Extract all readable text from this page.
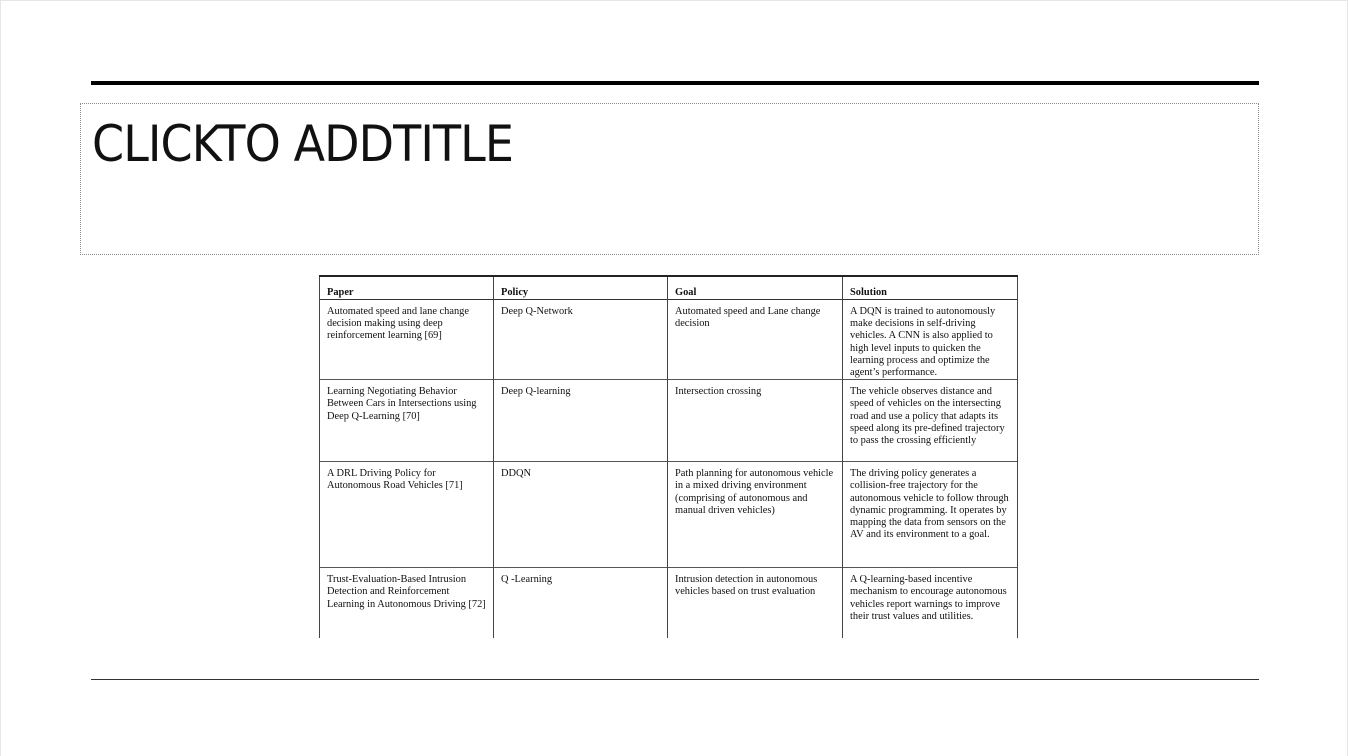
CLICKTO ADDTITLE
Paper	Policy	Goal	Solution
Automated speed and lane change decision making using deep reinforcement learning [69]	Deep Q-Network	Automated speed and Lane change decision	A DQN is trained to autonomously make decisions in self-driving vehicles. A CNN is also applied to high level inputs to quicken the learning process and optimize the agent’s performance.
Learning Negotiating Behavior Between Cars in Intersections using Deep Q-Learning [70]	Deep Q-learning	Intersection crossing	The vehicle observes distance and speed of vehicles on the intersecting road and use a policy that adapts its speed along its pre-defined trajectory to pass the crossing efficiently
A DRL Driving Policy for Autonomous Road Vehicles [71]	DDQN	Path planning for autonomous vehicle in a mixed driving environment (comprising of autonomous and manual driven vehicles)	The driving policy generates a collision-free trajectory for the autonomous vehicle to follow through dynamic programming. It operates by mapping the data from sensors on the AV and its environment to a goal.
Trust-Evaluation-Based Intrusion Detection and Reinforcement Learning in Autonomous Driving [72]	Q -Learning	Intrusion detection in autonomous vehicles based on trust evaluation	A Q-learning-based incentive mechanism to encourage autonomous vehicles report warnings to improve their trust values and utilities.
